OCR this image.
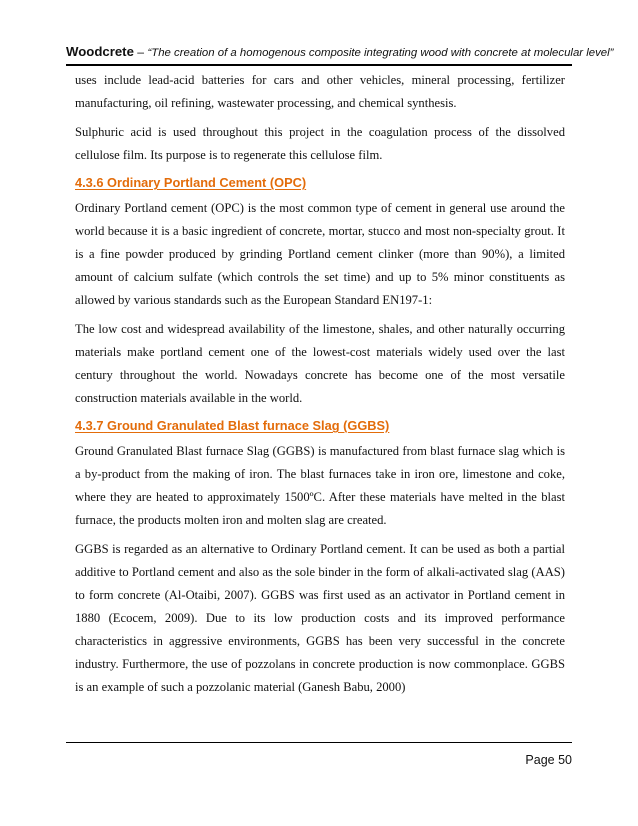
Woodcrete – “The creation of a homogenous composite integrating wood with concrete at molecular level”

uses include lead-acid batteries for cars and other vehicles, mineral processing, fertilizer manufacturing, oil refining, wastewater processing, and chemical synthesis.

Sulphuric acid is used throughout this project in the coagulation process of the dissolved cellulose film. Its purpose is to regenerate this cellulose film.

4.3.6 Ordinary Portland Cement (OPC)

Ordinary Portland cement (OPC) is the most common type of cement in general use around the world because it is a basic ingredient of concrete, mortar, stucco and most non-specialty grout. It is a fine powder produced by grinding Portland cement clinker (more than 90%), a limited amount of calcium sulfate (which controls the set time) and up to 5% minor constituents as allowed by various standards such as the European Standard EN197-1:

The low cost and widespread availability of the limestone, shales, and other naturally occurring materials make portland cement one of the lowest-cost materials widely used over the last century throughout the world. Nowadays concrete has become one of the most versatile construction materials available in the world.

4.3.7 Ground Granulated Blast furnace Slag (GGBS)

Ground Granulated Blast furnace Slag (GGBS) is manufactured from blast furnace slag which is a by-product from the making of iron. The blast furnaces take in iron ore, limestone and coke, where they are heated to approximately 1500ºC. After these materials have melted in the blast furnace, the products molten iron and molten slag are created.

GGBS is regarded as an alternative to Ordinary Portland cement. It can be used as both a partial additive to Portland cement and also as the sole binder in the form of alkali-activated slag (AAS) to form concrete (Al-Otaibi, 2007). GGBS was first used as an activator in Portland cement in 1880 (Ecocem, 2009). Due to its low production costs and its improved performance characteristics in aggressive environments, GGBS has been very successful in the concrete industry. Furthermore, the use of pozzolans in concrete production is now commonplace. GGBS is an example of such a pozzolanic material (Ganesh Babu, 2000)

Page 50
